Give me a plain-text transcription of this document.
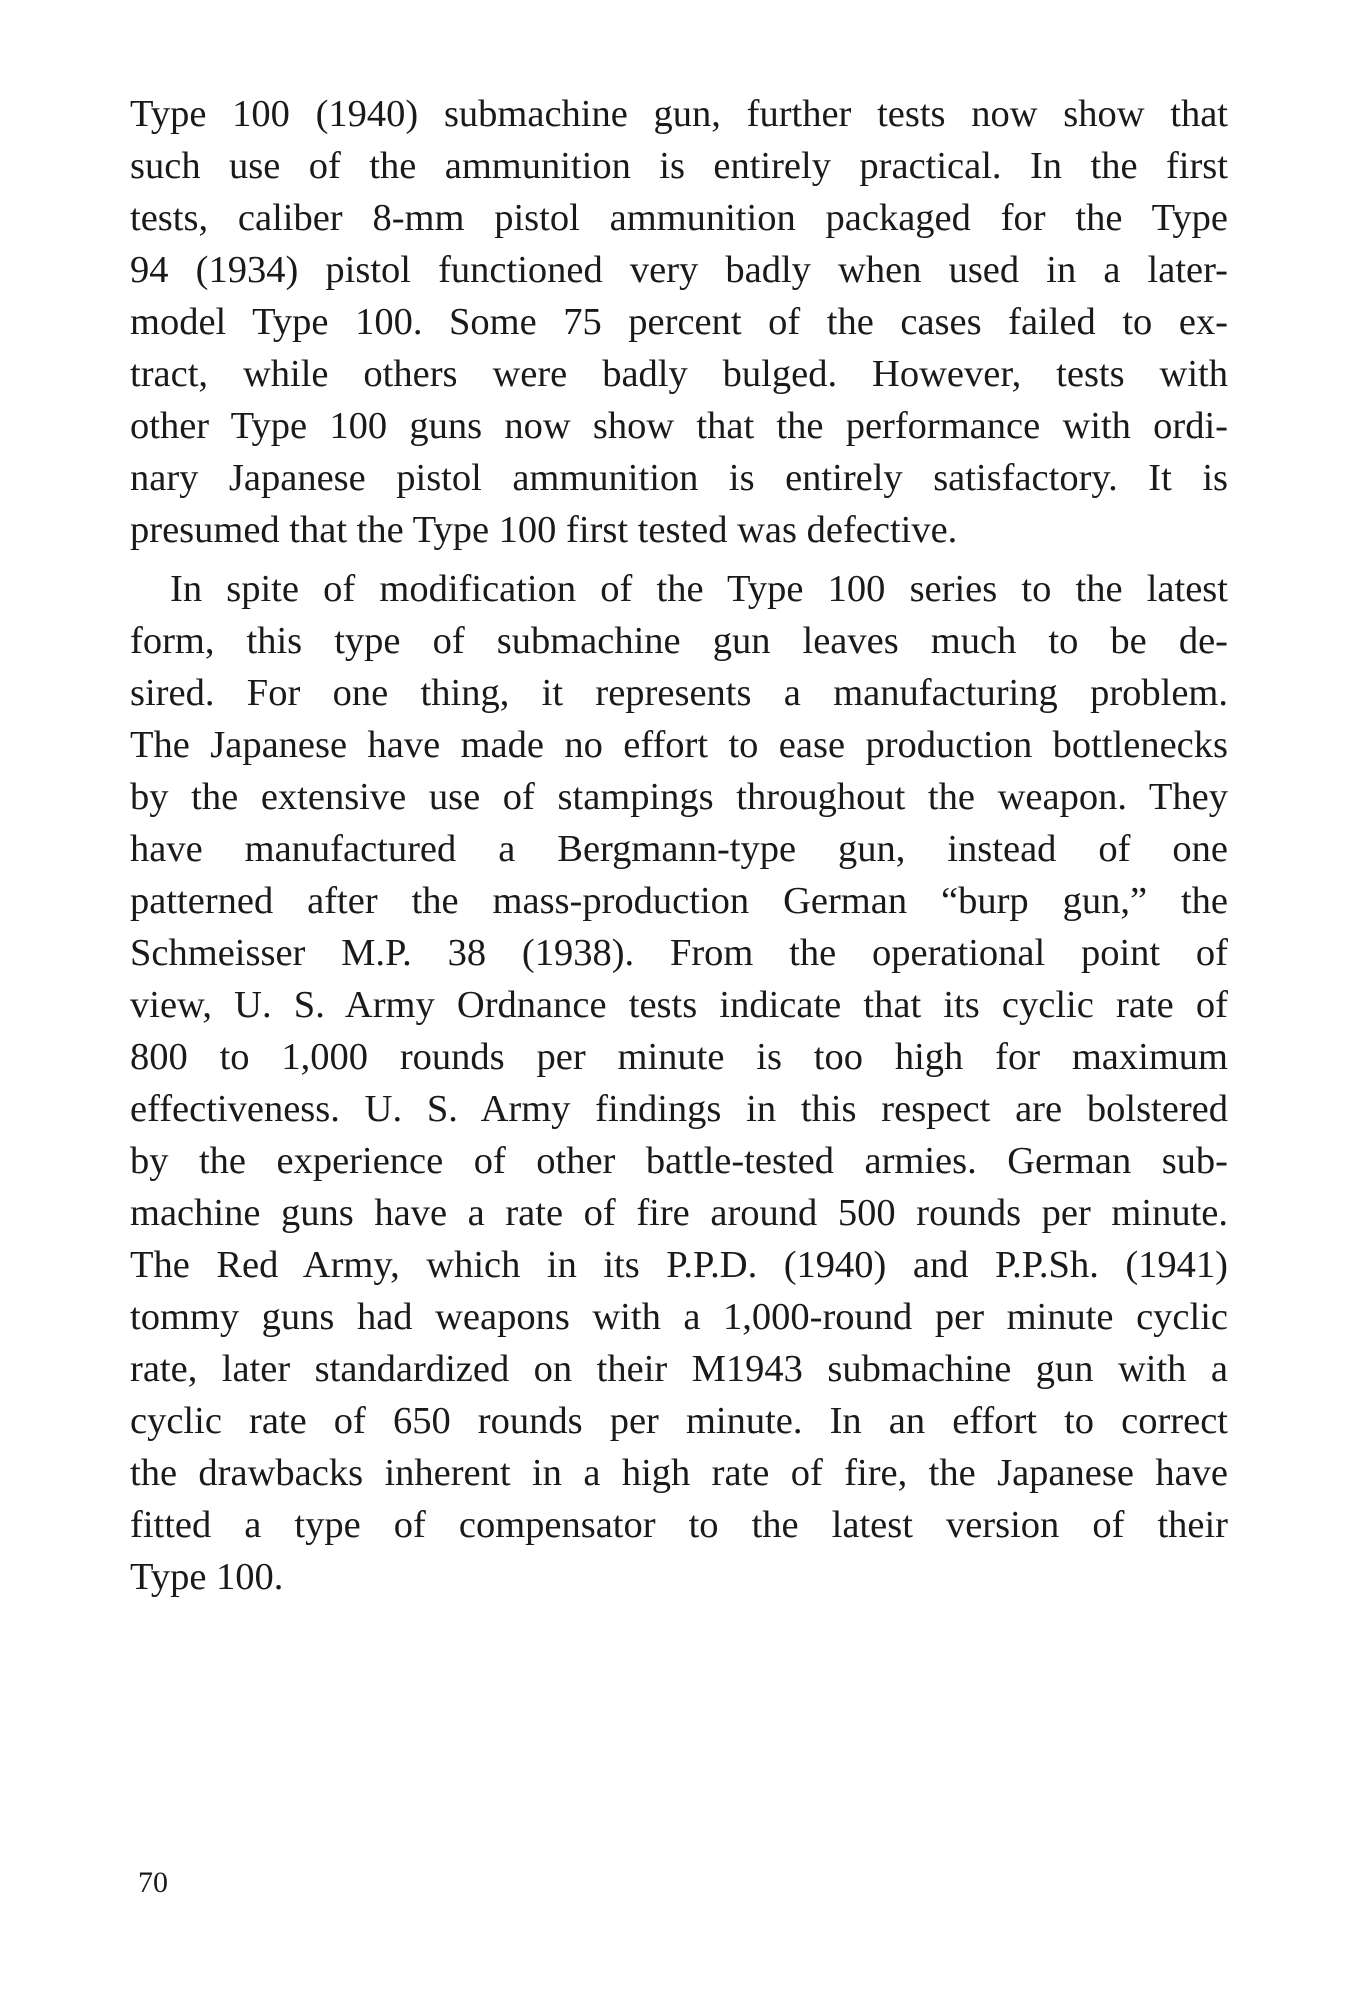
Type 100 (1940) submachine gun, further tests now show that
such use of the ammunition is entirely practical. In the first
tests, caliber 8-mm pistol ammunition packaged for the Type
94 (1934) pistol functioned very badly when used in a later-
model Type 100. Some 75 percent of the cases failed to ex-
tract, while others were badly bulged. However, tests with
other Type 100 guns now show that the performance with ordi-
nary Japanese pistol ammunition is entirely satisfactory. It is
presumed that the Type 100 first tested was defective.

In spite of modification of the Type 100 series to the latest
form, this type of submachine gun leaves much to be de-
sired. For one thing, it represents a manufacturing problem.
The Japanese have made no effort to ease production bottlenecks
by the extensive use of stampings throughout the weapon. They
have manufactured a Bergmann-type gun, instead of one
patterned after the mass-production German “burp gun,” the
Schmeisser M.P. 38 (1938). From the operational point of
view, U. S. Army Ordnance tests indicate that its cyclic rate of
800 to 1,000 rounds per minute is too high for maximum
effectiveness. U. S. Army findings in this respect are bolstered
by the experience of other battle-tested armies. German sub-
machine guns have a rate of fire around 500 rounds per minute.
The Red Army, which in its P.P.D. (1940) and P.P.Sh. (1941)
tommy guns had weapons with a 1,000-round per minute cyclic
rate, later standardized on their M1943 submachine gun with a
cyclic rate of 650 rounds per minute. In an effort to correct
the drawbacks inherent in a high rate of fire, the Japanese have
fitted a type of compensator to the latest version of their
Type 100.

70
